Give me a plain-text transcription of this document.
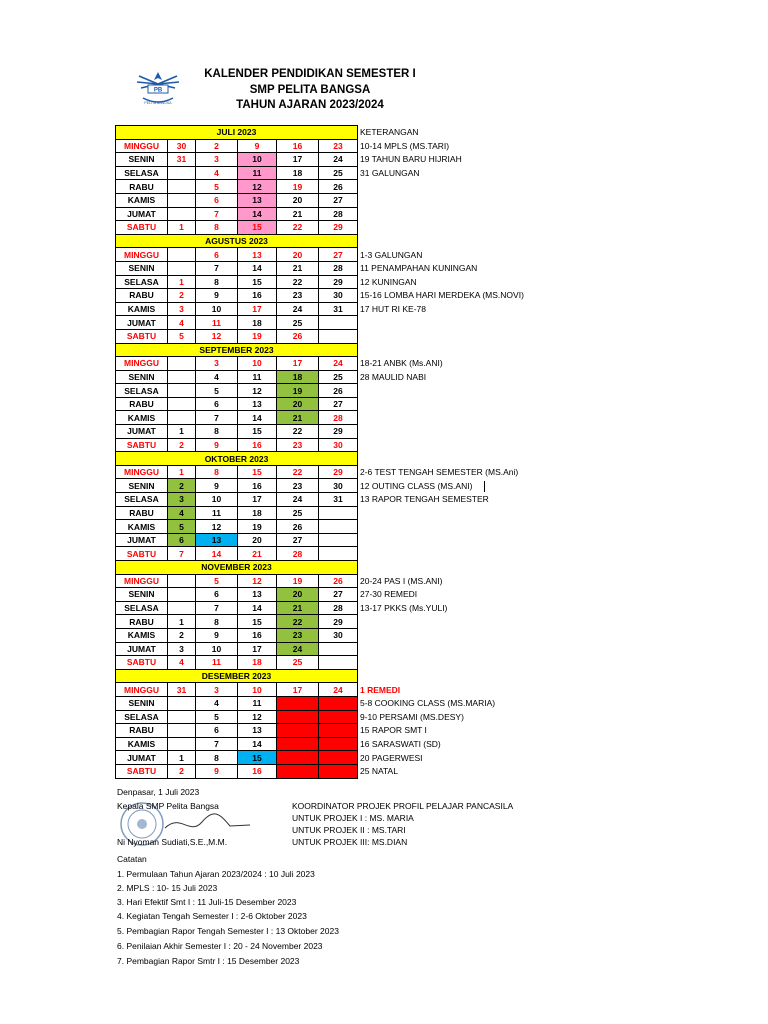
PB
PELITA BANGSA
KALENDER PENDIDIKAN SEMESTER I
SMP PELITA BANGSA
TAHUN AJARAN 2023/2024
JULI 2023						KETERANGAN
MINGGU	30	2	9	16	23	10-14 MPLS (MS.TARI)
SENIN	31	3	10	17	24	19 TAHUN BARU HIJRIAH
SELASA		4	11	18	25	31 GALUNGAN
RABU		5	12	19	26	
KAMIS		6	13	20	27	
JUMAT		7	14	21	28	
SABTU	1	8	15	22	29	
AGUSTUS 2023						
MINGGU		6	13	20	27	1-3 GALUNGAN
SENIN		7	14	21	28	11 PENAMPAHAN KUNINGAN
SELASA	1	8	15	22	29	12 KUNINGAN
RABU	2	9	16	23	30	15-16 LOMBA HARI MERDEKA (MS.NOVI)
KAMIS	3	10	17	24	31	17 HUT RI KE-78
JUMAT	4	11	18	25		
SABTU	5	12	19	26		
SEPTEMBER 2023						
MINGGU		3	10	17	24	18-21 ANBK (Ms.ANI)
SENIN		4	11	18	25	28 MAULID NABI
SELASA		5	12	19	26	
RABU		6	13	20	27	
KAMIS		7	14	21	28	
JUMAT	1	8	15	22	29	
SABTU	2	9	16	23	30	
OKTOBER 2023						
MINGGU	1	8	15	22	29	2-6 TEST TENGAH SEMESTER (MS.Ani)
SENIN	2	9	16	23	30	12 OUTING CLASS (MS.ANI)
SELASA	3	10	17	24	31	13 RAPOR TENGAH SEMESTER
RABU	4	11	18	25		
KAMIS	5	12	19	26		
JUMAT	6	13	20	27		
SABTU	7	14	21	28		
NOVEMBER 2023						
MINGGU		5	12	19	26	20-24 PAS I (MS.ANI)
SENIN		6	13	20	27	27-30 REMEDI
SELASA		7	14	21	28	13-17 PKKS (Ms.YULI)
RABU	1	8	15	22	29	
KAMIS	2	9	16	23	30	
JUMAT	3	10	17	24		
SABTU	4	11	18	25		
DESEMBER 2023						
MINGGU	31	3	10	17	24	1 REMEDI
SENIN		4	11	18	25	5-8 COOKING CLASS (MS.MARIA)
SELASA		5	12	19	26	9-10 PERSAMI (MS.DESY)
RABU		6	13	20	27	15 RAPOR SMT I
KAMIS		7	14	21	28	16 SARASWATI (SD)
JUMAT	1	8	15	22	29	20 PAGERWESI
SABTU	2	9	16	23	30	25 NATAL
Denpasar, 1 Juli 2023
Kepala SMP Pelita Bangsa
Ni Nyoman Sudiati,S.E.,M.M.
KOORDINATOR PROJEK PROFIL PELAJAR PANCASILA
UNTUK PROJEK I : MS. MARIA
UNTUK PROJEK II : MS.TARI
UNTUK PROJEK III: MS.DIAN
Catatan
1. Permulaan Tahun Ajaran 2023/2024 : 10 Juli 2023
2. MPLS : 10- 15 Juli 2023
3. Hari Efektif Smt I : 11 Juli-15 Desember 2023
4. Kegiatan Tengah Semester I : 2-6 Oktober 2023
5. Pembagian Rapor Tengah Semester I : 13 Oktober 2023
6. Penilaian Akhir Semester I : 20 - 24 November 2023
7. Pembagian Rapor Smtr I : 15 Desember 2023
